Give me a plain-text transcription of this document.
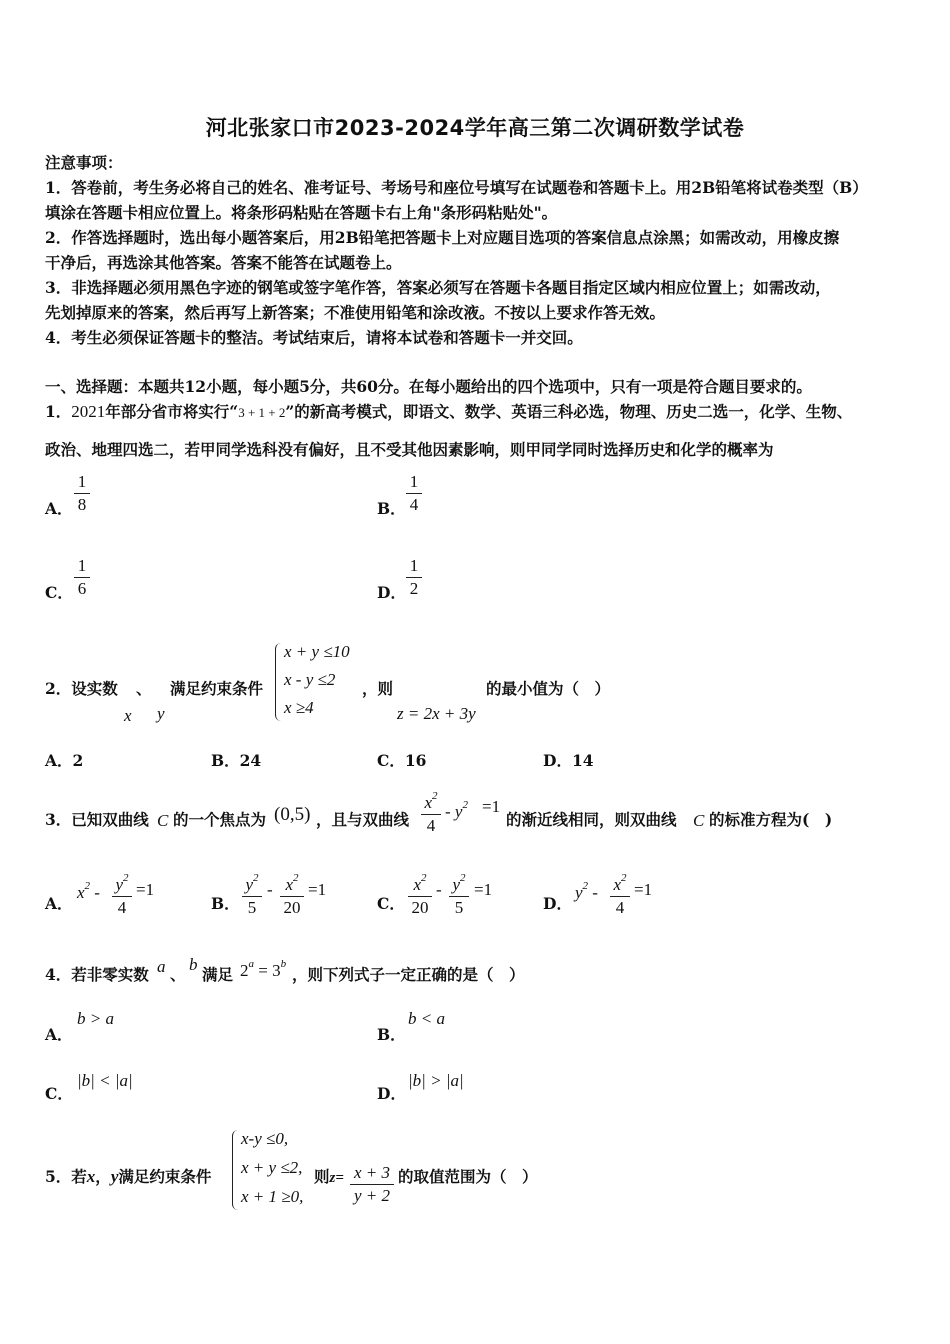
河北张家口市2023-2024学年高三第二次调研数学试卷
注意事项：
1．答卷前，考生务必将自己的姓名、准考证号、考场号和座位号填写在试题卷和答题卡上。用2B铅笔将试卷类型（B）
填涂在答题卡相应位置上。将条形码粘贴在答题卡右上角"条形码粘贴处"。
2．作答选择题时，选出每小题答案后，用2B铅笔把答题卡上对应题目选项的答案信息点涂黑；如需改动，用橡皮擦
干净后，再选涂其他答案。答案不能答在试题卷上。
3．非选择题必须用黑色字迹的钢笔或签字笔作答，答案必须写在答题卡各题目指定区域内相应位置上；如需改动，
先划掉原来的答案，然后再写上新答案；不准使用铅笔和涂改液。不按以上要求作答无效。
4．考生必须保证答题卡的整洁。考试结束后，请将本试卷和答题卡一并交回。
一、选择题：本题共12小题，每小题5分，共60分。在每小题给出的四个选项中，只有一项是符合题目要求的。
1．2021年部分省市将实行“3 + 1 + 2”的新高考模式，即语文、数学、英语三科必选，物理、历史二选一，化学、生物、
政治、地理四选二，若甲同学选科没有偏好，且不受其他因素影响，则甲同学同时选择历史和化学的概率为
A．
1
8	B．
1
4
C．
1
6	D．
1
2
2．设实数 、 满足约束条件
x y
x + y ≤10
x - y ≤2
x ≥4
，则
z = 2x + 3y
的最小值为（　）
A．2	B．24	C．16	D．14
3．已知双曲线 C 的一个焦点为 (0,5) ，且与双曲线
$x^2$
4
- $y^2 =1$
的渐近线相同，则双曲线 C 的标准方程为(　)
A．
$x^2 - y^2$
4
=1
B．
$y^2$
5
- $x^2$
20
=1
C．
$x^2$
20
- $y^2$
5
=1
D．
$y^2 - x^2$
4
=1
4．若非零实数 a 、
b
满足 $2^a = 3^b$
，则下列式子一定正确的是（　）
A．
b > a
B．
b < a
C．
|b| < |a|
D．
|b| > |a|
5．若x，y满足约束条件
x-y ≤0,
x + y ≤2,
x + 1 ≥0,
则z= x + 3
y + 2
的取值范围为（　）
